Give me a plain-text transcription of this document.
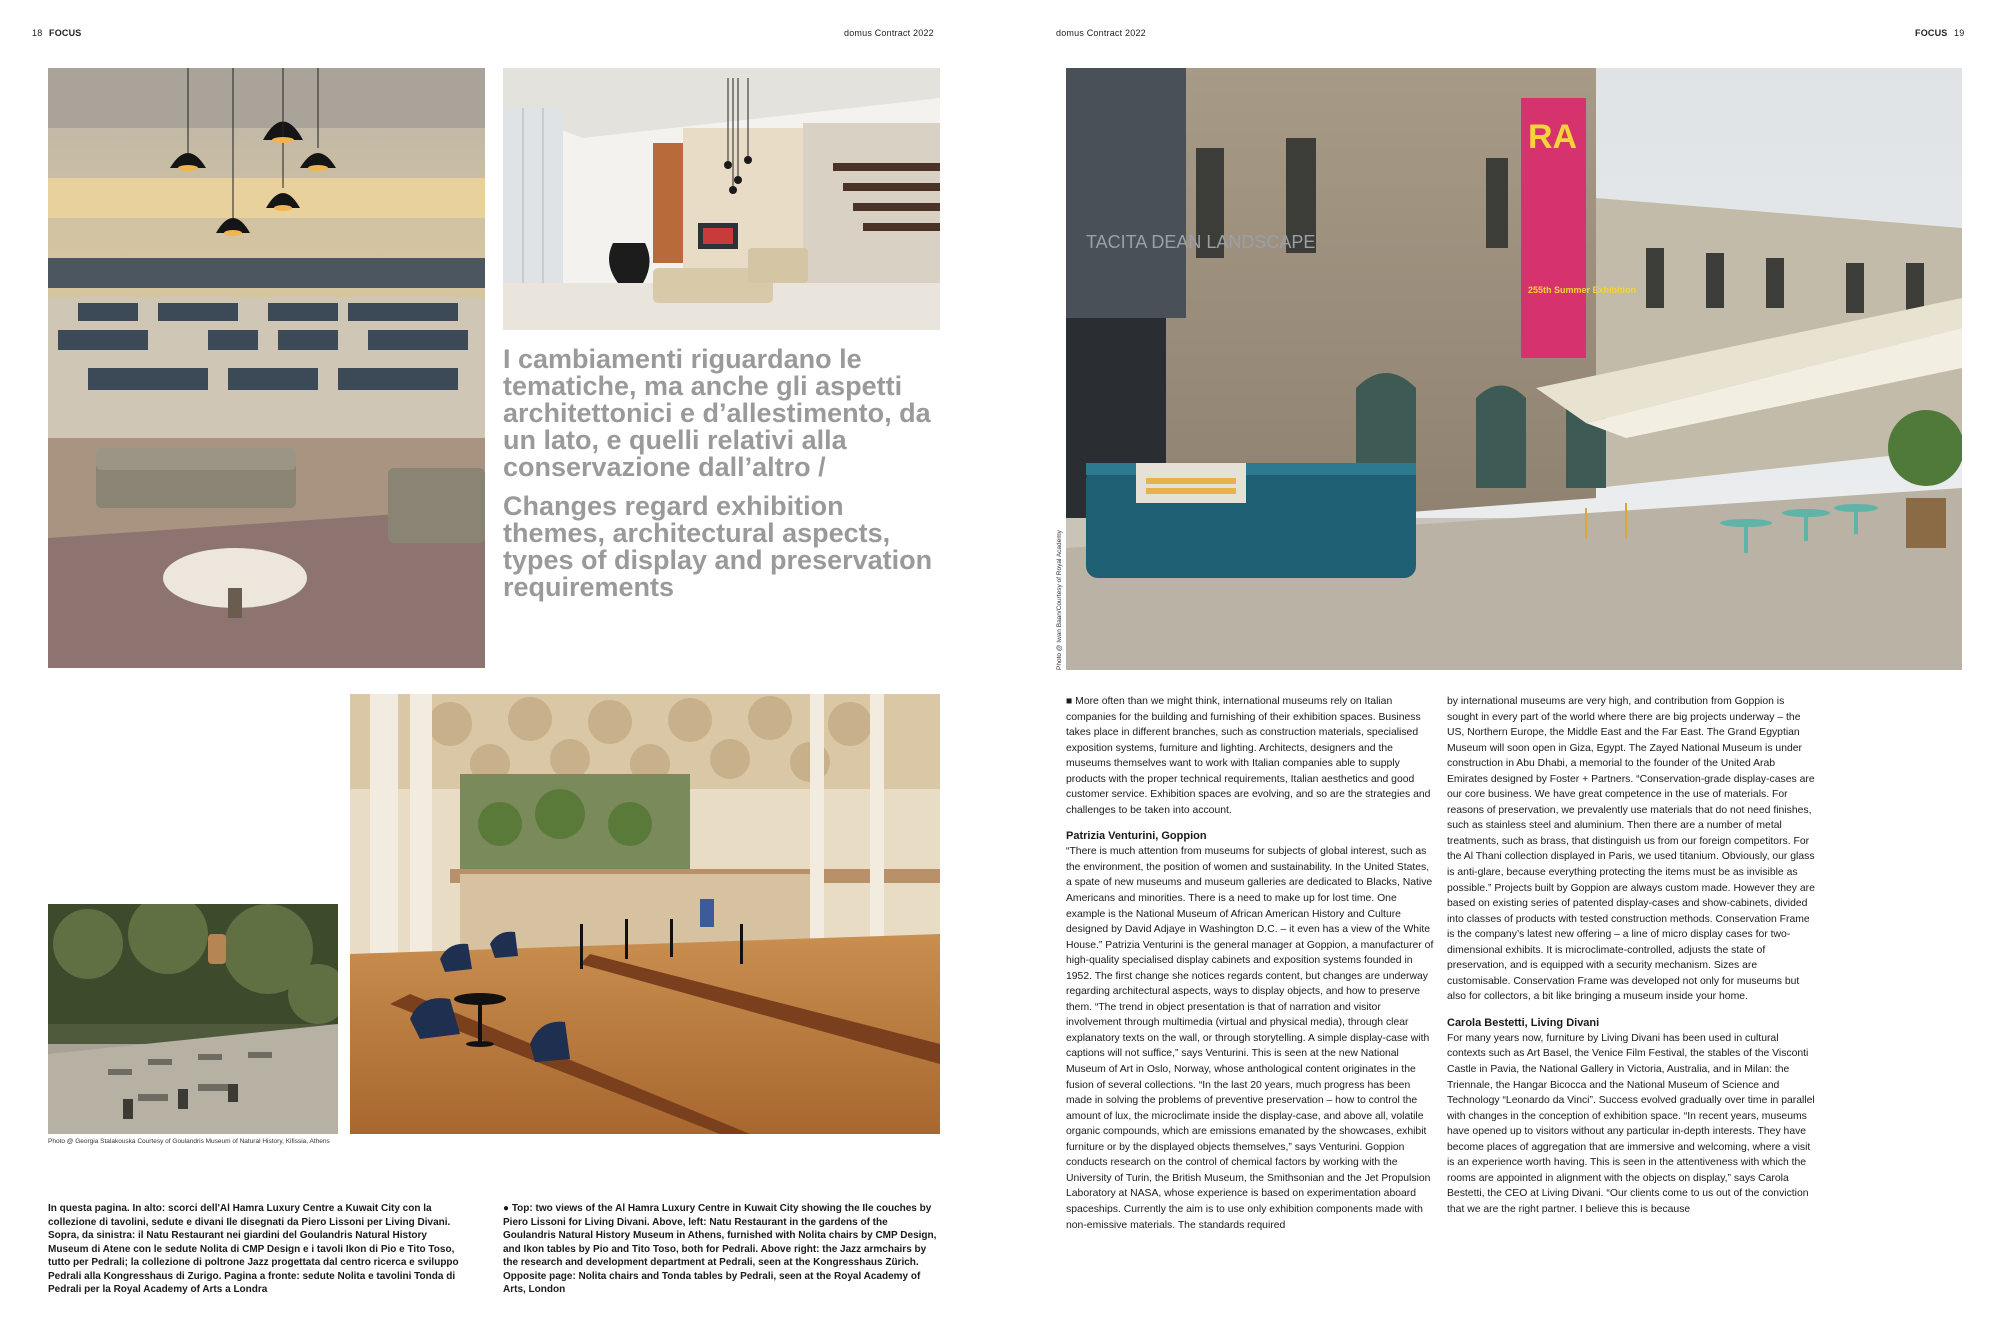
18 FOCUS	domus Contract 2022	domus Contract 2022	FOCUS 19

I cambiamenti riguardano le tematiche, ma anche gli aspetti architettonici e d’allestimento, da un lato, e quelli relativi alla conservazione dall’altro /

Changes regard exhibition themes, architectural aspects, types of display and preservation requirements

Photo @ Georgia Stalakouska Courtesy of Goulandris Museum of Natural History, Kifissia, Athens
In questa pagina. In alto: scorci dell'Al Hamra Luxury Centre a Kuwait City con la collezione di tavolini, sedute e divani Ile disegnati da Piero Lissoni per Living Divani. Sopra, da sinistra: il Natu Restaurant nei giardini del Goulandris Natural History Museum di Atene con le sedute Nolita di CMP Design e i tavoli Ikon di Pio e Tito Toso, tutto per Pedrali; la collezione di poltrone Jazz progettata dal centro ricerca e sviluppo Pedrali alla Kongresshaus di Zurigo. Pagina a fronte: sedute Nolita e tavolini Tonda di Pedrali per la Royal Academy of Arts a Londra
● Top: two views of the Al Hamra Luxury Centre in Kuwait City showing the Ile couches by Piero Lissoni for Living Divani. Above, left: Natu Restaurant in the gardens of the Goulandris Natural History Museum in Athens, furnished with Nolita chairs by CMP Design, and Ikon tables by Pio and Tito Toso, both for Pedrali. Above right: the Jazz armchairs by the research and development department at Pedrali, seen at the Kongresshaus Zürich. Opposite page: Nolita chairs and Tonda tables by Pedrali, seen at the Royal Academy of Arts, London
TACITA DEAN LANDSCAPE
RA
255th Summer Exhibition
Photo @ Iwan Baan/Courtesy of Royal Academy

■ More often than we might think, international museums rely on Italian companies for the building and furnishing of their exhibition spaces. Business takes place in different branches, such as construction materials, specialised exposition systems, furniture and lighting. Architects, designers and the museums themselves want to work with Italian companies able to supply products with the proper technical requirements, Italian aesthetics and good customer service. Exhibition spaces are evolving, and so are the strategies and challenges to be taken into account.

Patrizia Venturini, Goppion

“There is much attention from museums for subjects of global interest, such as the environment, the position of women and sustainability. In the United States, a spate of new museums and museum galleries are dedicated to Blacks, Native Americans and minorities. There is a need to make up for lost time. One example is the National Museum of African American History and Culture designed by David Adjaye in Washington D.C. – it even has a view of the White House.” Patrizia Venturini is the general manager at Goppion, a manufacturer of high-quality specialised display cabinets and exposition systems founded in 1952. The first change she notices regards content, but changes are underway regarding architectural aspects, ways to display objects, and how to preserve them. “The trend in object presentation is that of narration and visitor involvement through multimedia (virtual and physical media), through clear explanatory texts on the wall, or through storytelling. A simple display-case with captions will not suffice,” says Venturini. This is seen at the new National Museum of Art in Oslo, Norway, whose anthological content originates in the fusion of several collections. “In the last 20 years, much progress has been made in solving the problems of preventive preservation – how to control the amount of lux, the microclimate inside the display-case, and above all, volatile organic compounds, which are emissions emanated by the showcases, exhibit furniture or by the displayed objects themselves,” says Venturini. Goppion conducts research on the control of chemical factors by working with the University of Turin, the British Museum, the Smithsonian and the Jet Propulsion Laboratory at NASA, whose experience is based on experimentation aboard spaceships. Currently the aim is to use only exhibition components made with non-emissive materials. The standards required

by international museums are very high, and contribution from Goppion is sought in every part of the world where there are big projects underway – the US, Northern Europe, the Middle East and the Far East. The Grand Egyptian Museum will soon open in Giza, Egypt. The Zayed National Museum is under construction in Abu Dhabi, a memorial to the founder of the United Arab Emirates designed by Foster + Partners. “Conservation-grade display-cases are our core business. We have great competence in the use of materials. For reasons of preservation, we prevalently use materials that do not need finishes, such as stainless steel and aluminium. Then there are a number of metal treatments, such as brass, that distinguish us from our foreign competitors. For the Al Thani collection displayed in Paris, we used titanium. Obviously, our glass is anti-glare, because everything protecting the items must be as invisible as possible.” Projects built by Goppion are always custom made. However they are based on existing series of patented display-cases and show-cabinets, divided into classes of products with tested construction methods. Conservation Frame is the company’s latest new offering – a line of micro display cases for two-dimensional exhibits. It is microclimate-controlled, adjusts the state of preservation, and is equipped with a security mechanism. Sizes are customisable. Conservation Frame was developed not only for museums but also for collectors, a bit like bringing a museum inside your home.

Carola Bestetti, Living Divani

For many years now, furniture by Living Divani has been used in cultural contexts such as Art Basel, the Venice Film Festival, the stables of the Visconti Castle in Pavia, the National Gallery in Victoria, Australia, and in Milan: the Triennale, the Hangar Bicocca and the National Museum of Science and Technology “Leonardo da Vinci”. Success evolved gradually over time in parallel with changes in the conception of exhibition space. “In recent years, museums have opened up to visitors without any particular in-depth interests. They have become places of aggregation that are immersive and welcoming, where a visit is an experience worth having. This is seen in the attentiveness with which the rooms are appointed in alignment with the objects on display,” says Carola Bestetti, the CEO at Living Divani. “Our clients come to us out of the conviction that we are the right partner. I believe this is because
